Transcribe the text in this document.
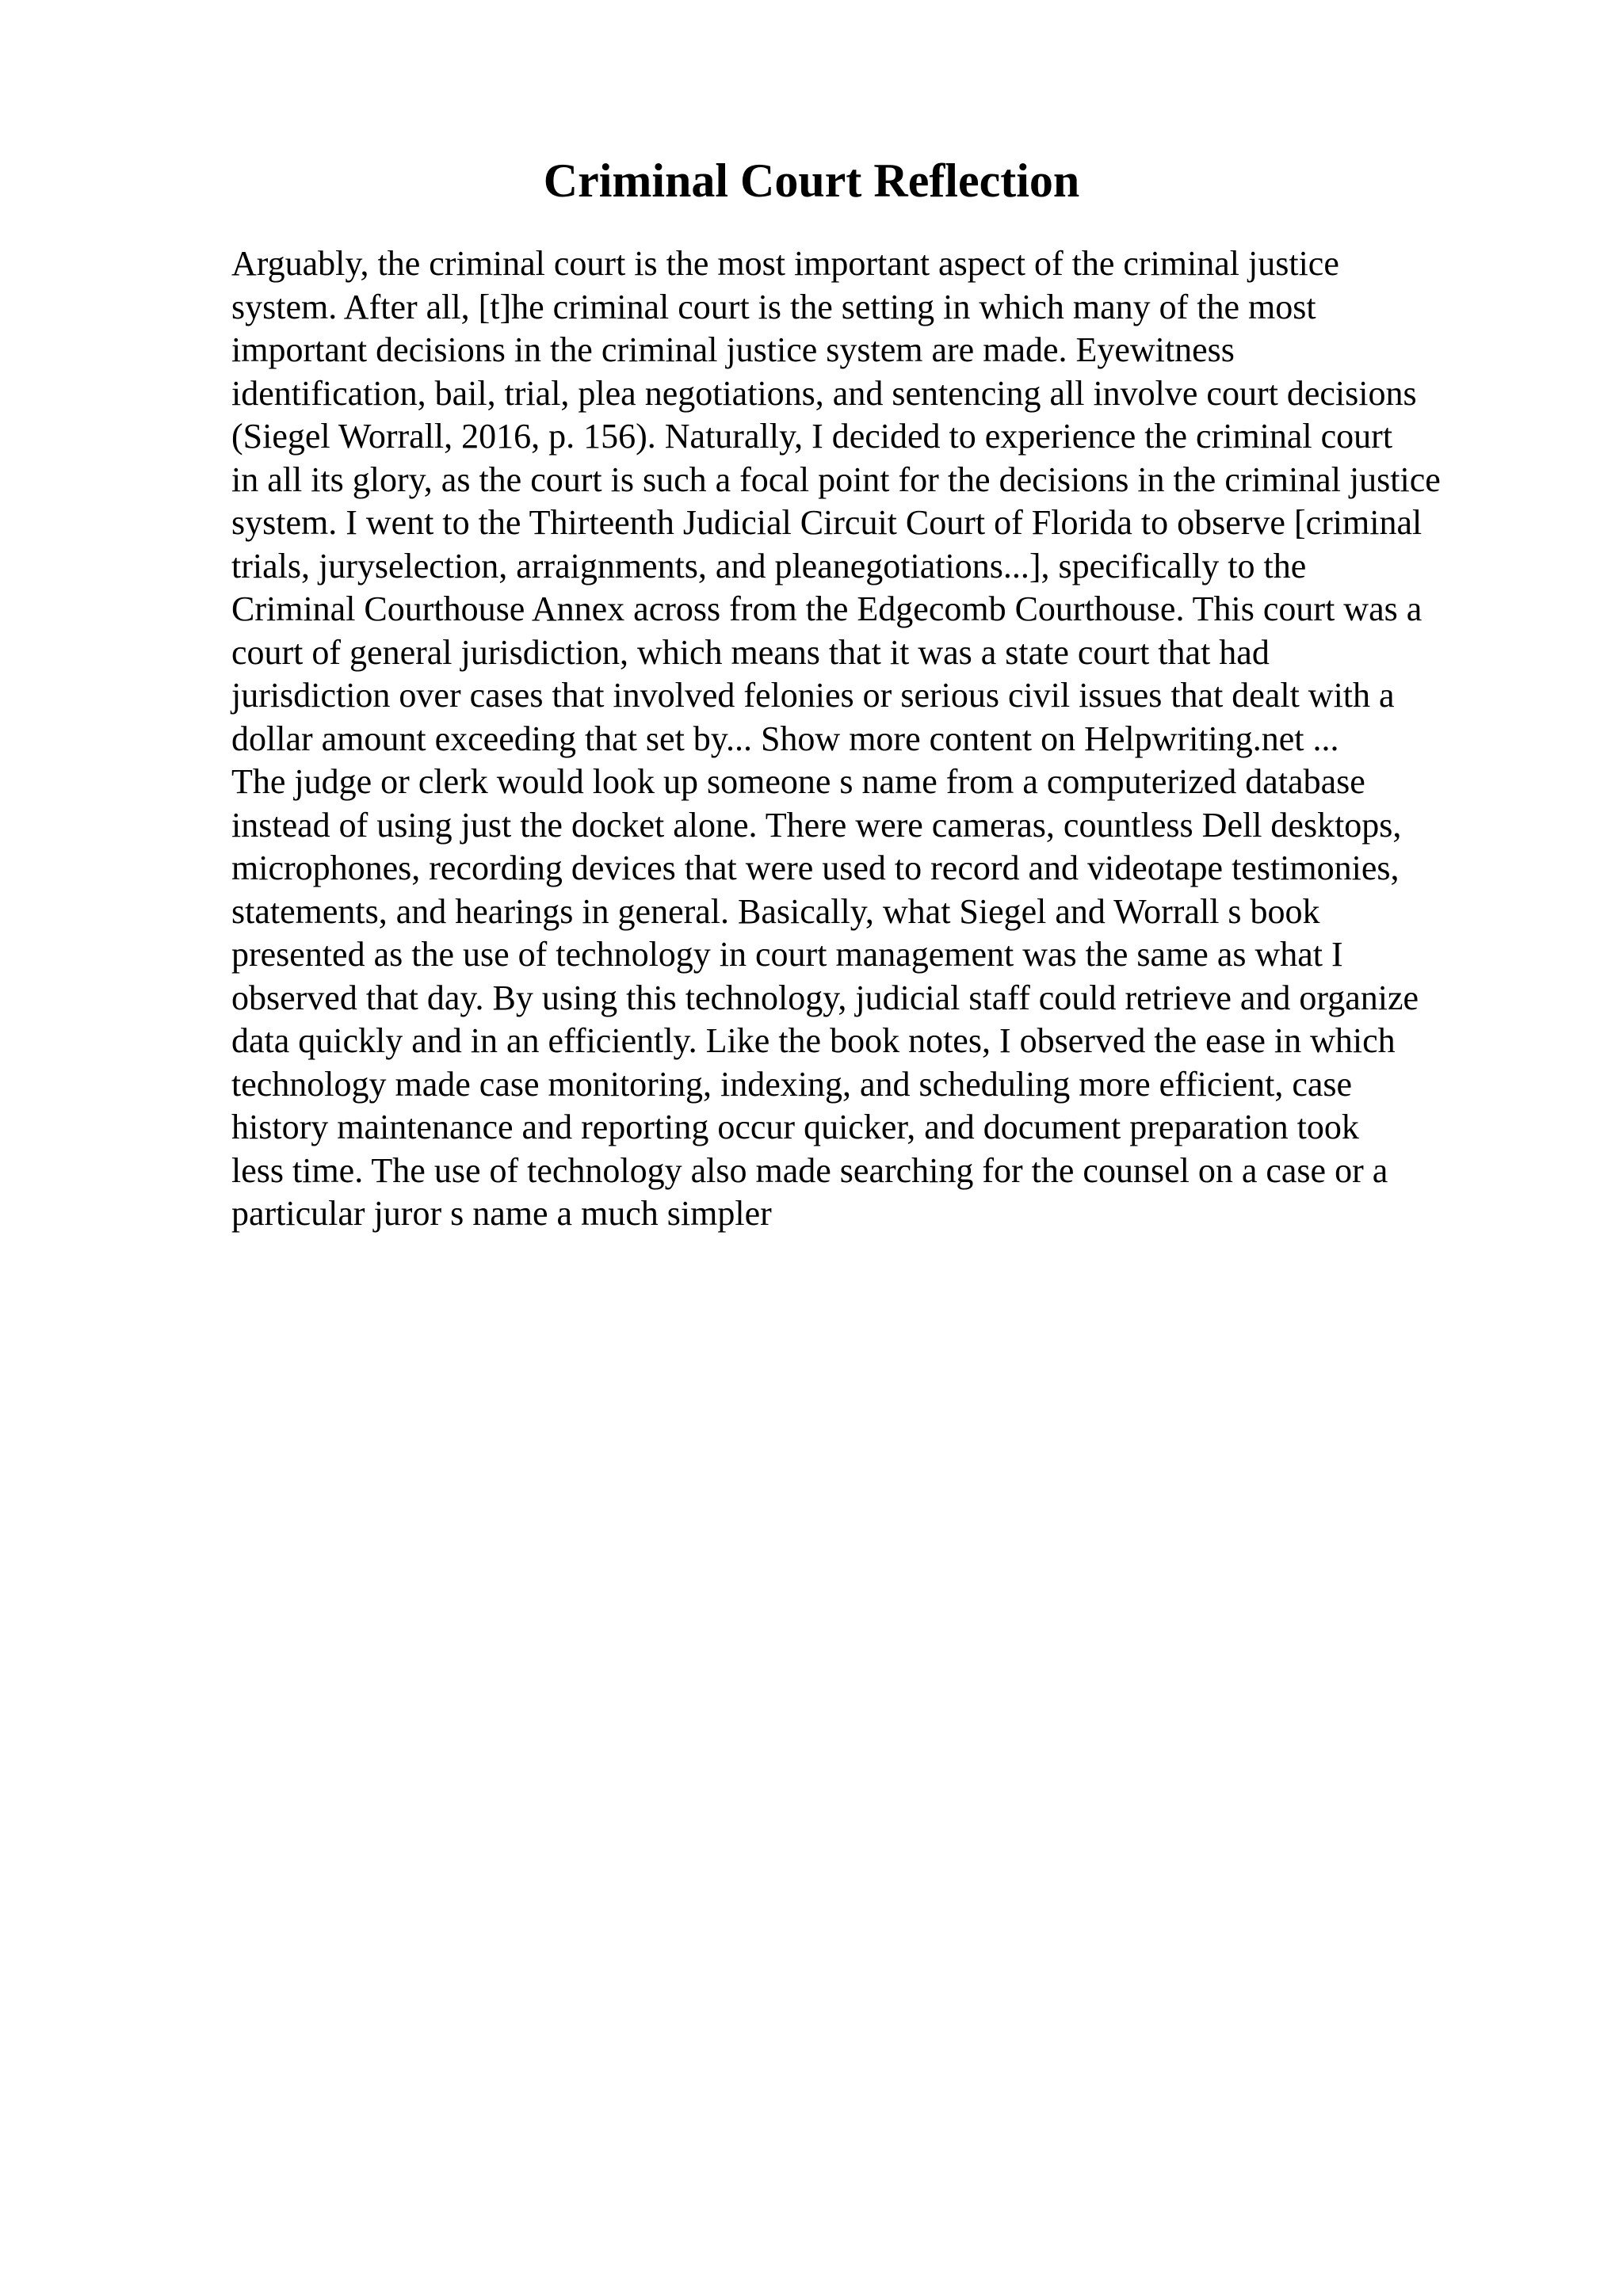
Criminal Court Reflection
Arguably, the criminal court is the most important aspect of the criminal justice
system. After all, [t]he criminal court is the setting in which many of the most
important decisions in the criminal justice system are made. Eyewitness
identification, bail, trial, plea negotiations, and sentencing all involve court decisions
(Siegel Worrall, 2016, p. 156). Naturally, I decided to experience the criminal court
in all its glory, as the court is such a focal point for the decisions in the criminal justice
system. I went to the Thirteenth Judicial Circuit Court of Florida to observe [criminal
trials, juryselection, arraignments, and pleanegotiations...], specifically to the
Criminal Courthouse Annex across from the Edgecomb Courthouse. This court was a
court of general jurisdiction, which means that it was a state court that had
jurisdiction over cases that involved felonies or serious civil issues that dealt with a
dollar amount exceeding that set by... Show more content on Helpwriting.net ...
The judge or clerk would look up someone s name from a computerized database
instead of using just the docket alone. There were cameras, countless Dell desktops,
microphones, recording devices that were used to record and videotape testimonies,
statements, and hearings in general. Basically, what Siegel and Worrall s book
presented as the use of technology in court management was the same as what I
observed that day. By using this technology, judicial staff could retrieve and organize
data quickly and in an efficiently. Like the book notes, I observed the ease in which
technology made case monitoring, indexing, and scheduling more efficient, case
history maintenance and reporting occur quicker, and document preparation took
less time. The use of technology also made searching for the counsel on a case or a
particular juror s name a much simpler
